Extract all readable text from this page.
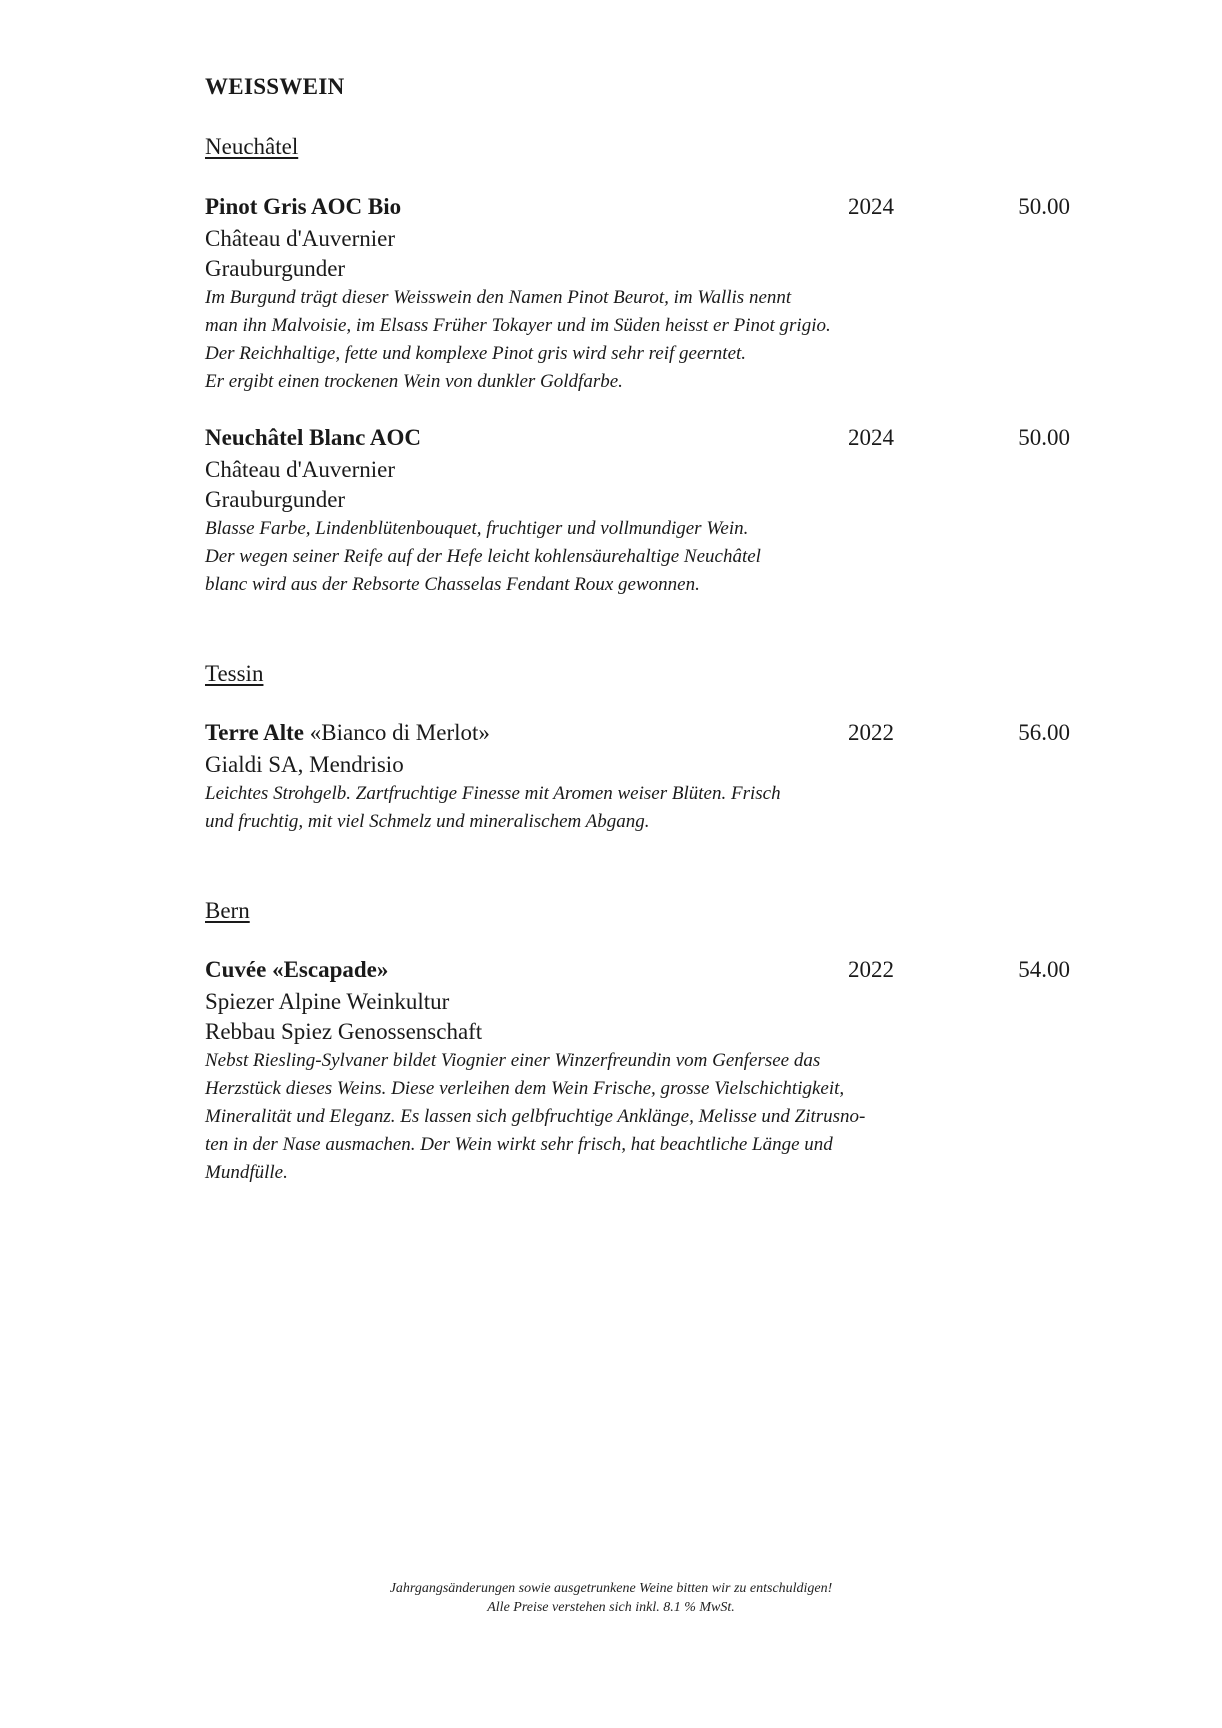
WEISSWEIN
Neuchâtel
Pinot Gris AOC Bio	2024	50.00
Château d'Auvernier
Grauburgunder
Im Burgund trägt dieser Weisswein den Namen Pinot Beurot, im Wallis nennt
man ihn Malvoisie, im Elsass Früher Tokayer und im Süden heisst er Pinot grigio.
Der Reichhaltige, fette und komplexe Pinot gris wird sehr reif geerntet.
Er ergibt einen trockenen Wein von dunkler Goldfarbe.
Neuchâtel Blanc AOC	2024	50.00
Château d'Auvernier
Grauburgunder
Blasse Farbe, Lindenblütenbouquet, fruchtiger und vollmundiger Wein.
Der wegen seiner Reife auf der Hefe leicht kohlensäurehaltige Neuchâtel
blanc wird aus der Rebsorte Chasselas Fendant Roux gewonnen.
Tessin
Terre Alte «Bianco di Merlot»	2022	56.00
Gialdi SA, Mendrisio
Leichtes Strohgelb. Zartfruchtige Finesse mit Aromen weiser Blüten. Frisch
und fruchtig, mit viel Schmelz und mineralischem Abgang.
Bern
Cuvée «Escapade»	2022	54.00
Spiezer Alpine Weinkultur
Rebbau Spiez Genossenschaft
Nebst Riesling-Sylvaner bildet Viognier einer Winzerfreundin vom Genfersee das
Herzstück dieses Weins. Diese verleihen dem Wein Frische, grosse Vielschichtigkeit,
Mineralität und Eleganz. Es lassen sich gelbfruchtige Anklänge, Melisse und Zitrusno-
ten in der Nase ausmachen. Der Wein wirkt sehr frisch, hat beachtliche Länge und
Mundfülle.
Jahrgangsänderungen sowie ausgetrunkene Weine bitten wir zu entschuldigen!
Alle Preise verstehen sich inkl. 8.1 % MwSt.
